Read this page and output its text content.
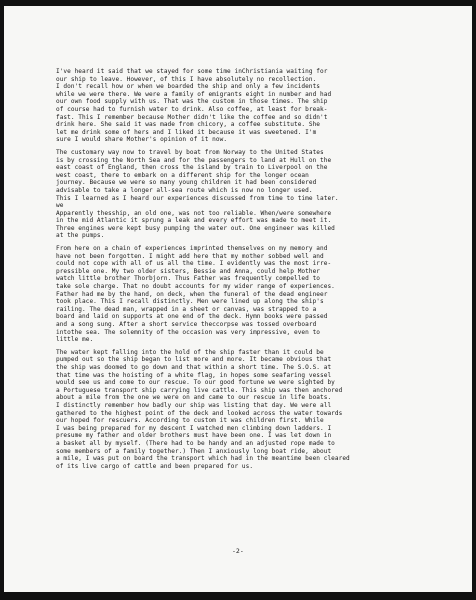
I've heard it said that we stayed for some time inChristiania waiting for
our ship to leave. However, of this I have absolutely no recollection.
I don't recall how or when we boarded the ship and only a few incidents
while we were there. We were a family of emigrants eight in number and had
our own food supply with us. That was the custom in those times. The ship
of course had to furnish water to drink. Also coffee, at least for break-
fast. This I remember because Mother didn't like the coffee and so didn't
drink here. She said it was made from chicory, a coffee substitute. She
let me drink some of hers and I liked it because it was sweetened. I'm
sure I would share Mother's opinion of it now.
The customary way now to travel by boat from Norway to the United States
is by crossing the North Sea and for the passengers to land at Hull on the
east coast of England, then cross the island by train to Liverpool on the
west coast, there to embark on a different ship for the longer ocean
journey. Because we were so many young children it had been considered
advisable to take a longer all-sea route which is now no longer used.
This I learned as I heard our experiences discussed from time to time later.
we
Apparently thesship, an old one, was not too reliable. When/were somewhere
in the mid Atlantic it sprung a leak and every effort was made to meet it.
Three engines were kept busy pumping the water out. One engineer was killed
at the pumps.
From here on a chain of experiences imprinted themselves on my memory and
have not been forgotten. I might add here that my mother sobbed well and
could not cope with all of us all the time. I evidently was the most irre-
pressible one. My two older sisters, Bessie and Anna, could help Mother
watch little brother Thorbjorn. Thus Father was frequently compelled to
take sole charge. That no doubt accounts for my wider range of experiences.
Father had me by the hand, on deck, when the funeral of the dead engineer
took place. This I recall distinctly. Men were lined up along the ship's
railing. The dead man, wrapped in a sheet or canvas, was strapped to a
board and laid on supports at one end of the deck. Hymn books were passed
and a song sung. After a short service theccorpse was tossed overboard
intothe sea. The solemnity of the occasion was very impressive, even to
little me.
The water kept falling into the hold of the ship faster than it could be
pumped out so the ship began to list more and more. It became obvious that
the ship was doomed to go down and that within a short time. The S.O.S. at
that time was the hoisting of a white flag, in hopes some seafaring vessel
would see us and come to our rescue. To our good fortune we were sighted by
a Portuguese transport ship carrying live cattle. This ship was then anchored
about a mile from the one we were on and came to our rescue in life boats.
I distinctly remember how badly our ship was listing that day. We were all
gathered to the highest point of the deck and looked across the water towards
our hoped for rescuers. According to custom it was children first. While
I was being prepared for my descent I watched men climbing down ladders. I
presume my father and older brothers must have been one. I was let down in
a basket all by myself. (There had to be handy and an adjusted rope made to
some members of a family together.) Then I anxiously long boat ride, about
a mile, I was put on board the transport which had in the meantime been cleared
of its live cargo of cattle and been prepared for us.
-2-
